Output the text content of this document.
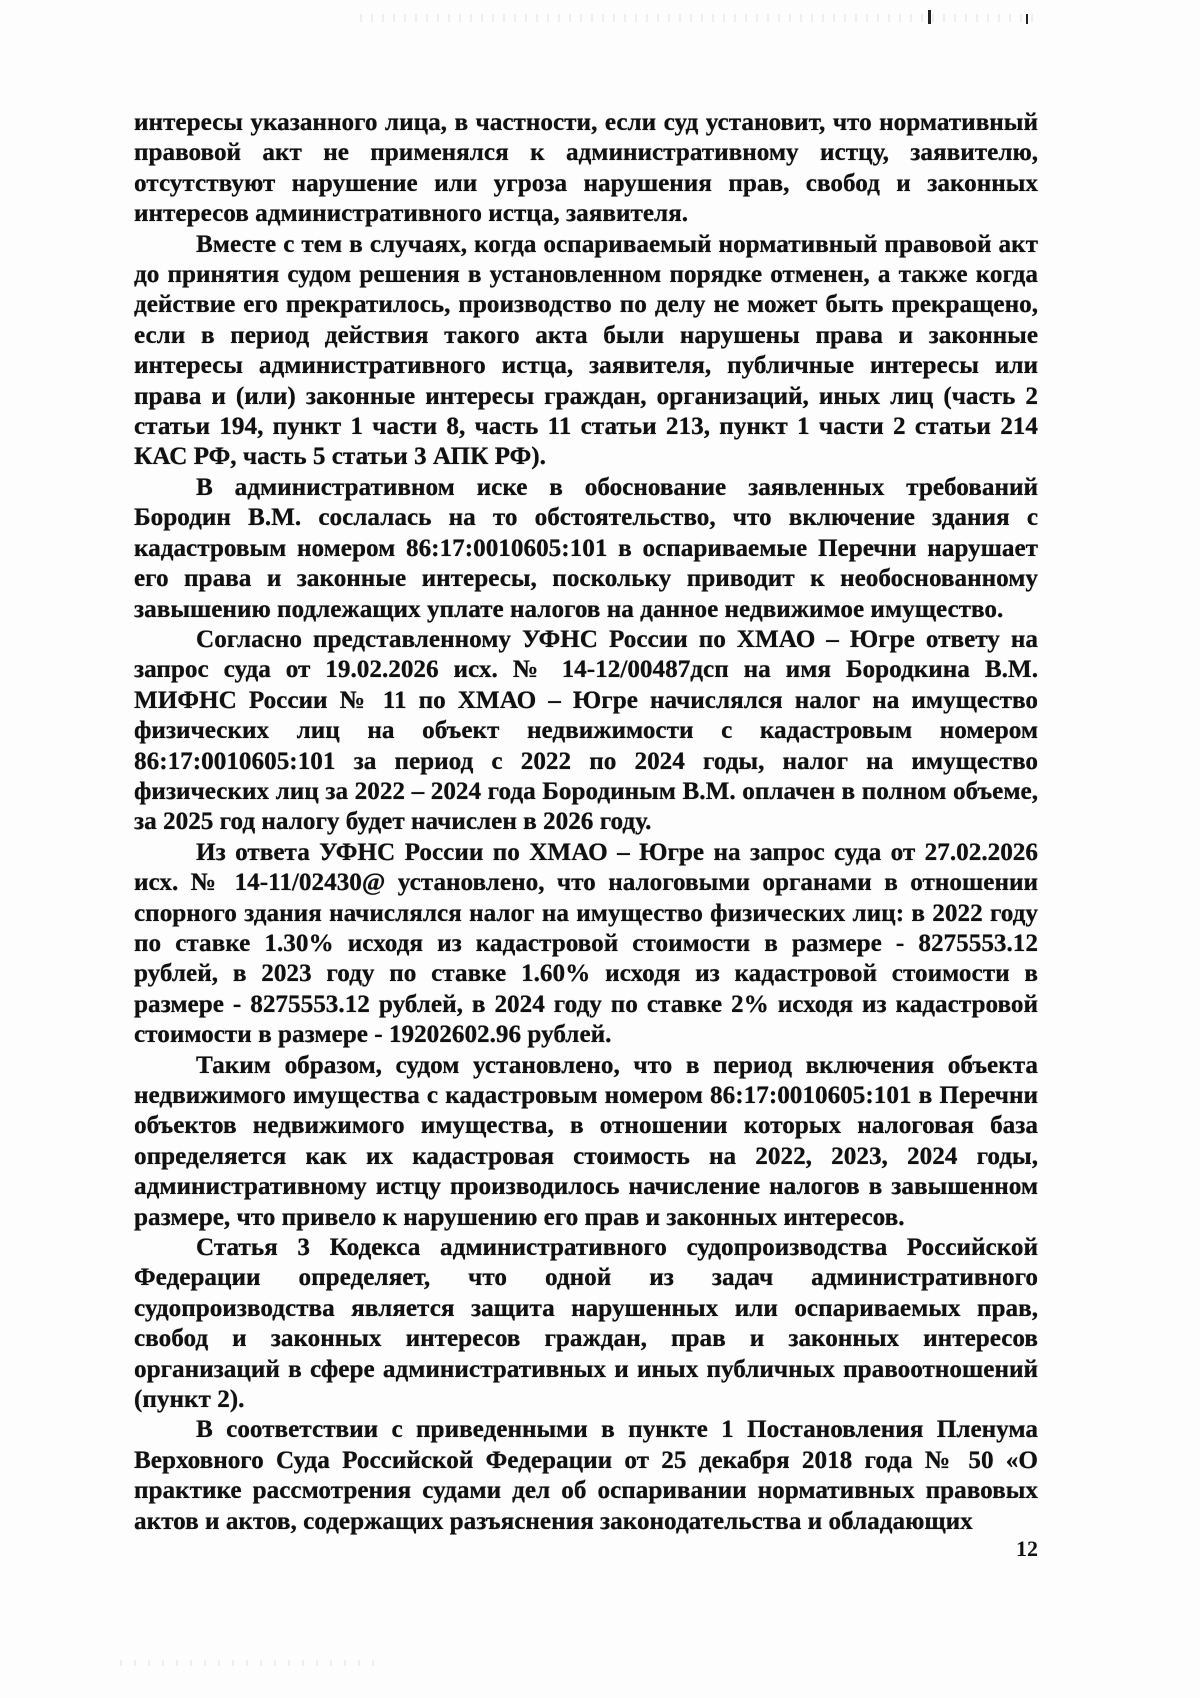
интересы указанного лица, в частности, если суд установит, что нормативный правовой акт не применялся к административному истцу, заявителю, отсутствуют нарушение или угроза нарушения прав, свобод и законных интересов административного истца, заявителя.

Вместе с тем в случаях, когда оспариваемый нормативный правовой акт до принятия судом решения в установленном порядке отменен, а также когда действие его прекратилось, производство по делу не может быть прекращено, если в период действия такого акта были нарушены права и законные интересы административного истца, заявителя, публичные интересы или права и (или) законные интересы граждан, организаций, иных лиц (часть 2 статьи 194, пункт 1 части 8, часть 11 статьи 213, пункт 1 части 2 статьи 214 КАС РФ, часть 5 статьи 3 АПК РФ).

В административном иске в обоснование заявленных требований Бородин В.М. сослалась на то обстоятельство, что включение здания с кадастровым номером 86:17:0010605:101 в оспариваемые Перечни нарушает его права и законные интересы, поскольку приводит к необоснованному завышению подлежащих уплате налогов на данное недвижимое имущество.

Согласно представленному УФНС России по ХМАО – Югре ответу на запрос суда от 19.02.2026 исх. № 14-12/00487дсп на имя Бородкина В.М. МИФНС России № 11 по ХМАО – Югре начислялся налог на имущество физических лиц на объект недвижимости с кадастровым номером 86:17:0010605:101 за период с 2022 по 2024 годы, налог на имущество физических лиц за 2022 – 2024 года Бородиным В.М. оплачен в полном объеме, за 2025 год налогу будет начислен в 2026 году.

Из ответа УФНС России по ХМАО – Югре на запрос суда от 27.02.2026 исх. № 14-11/02430@ установлено, что налоговыми органами в отношении спорного здания начислялся налог на имущество физических лиц: в 2022 году по ставке 1.30% исходя из кадастровой стоимости в размере - 8275553.12 рублей, в 2023 году по ставке 1.60% исходя из кадастровой стоимости в размере - 8275553.12 рублей, в 2024 году по ставке 2% исходя из кадастровой стоимости в размере - 19202602.96 рублей.

Таким образом, судом установлено, что в период включения объекта недвижимого имущества с кадастровым номером 86:17:0010605:101 в Перечни объектов недвижимого имущества, в отношении которых налоговая база определяется как их кадастровая стоимость на 2022, 2023, 2024 годы, административному истцу производилось начисление налогов в завышенном размере, что привело к нарушению его прав и законных интересов.

Статья 3 Кодекса административного судопроизводства Российской Федерации определяет, что одной из задач административного судопроизводства является защита нарушенных или оспариваемых прав, свобод и законных интересов граждан, прав и законных интересов организаций в сфере административных и иных публичных правоотношений (пункт 2).

В соответствии с приведенными в пункте 1 Постановления Пленума Верховного Суда Российской Федерации от 25 декабря 2018 года № 50 «О практике рассмотрения судами дел об оспаривании нормативных правовых актов и актов, содержащих разъяснения законодательства и обладающих

12
